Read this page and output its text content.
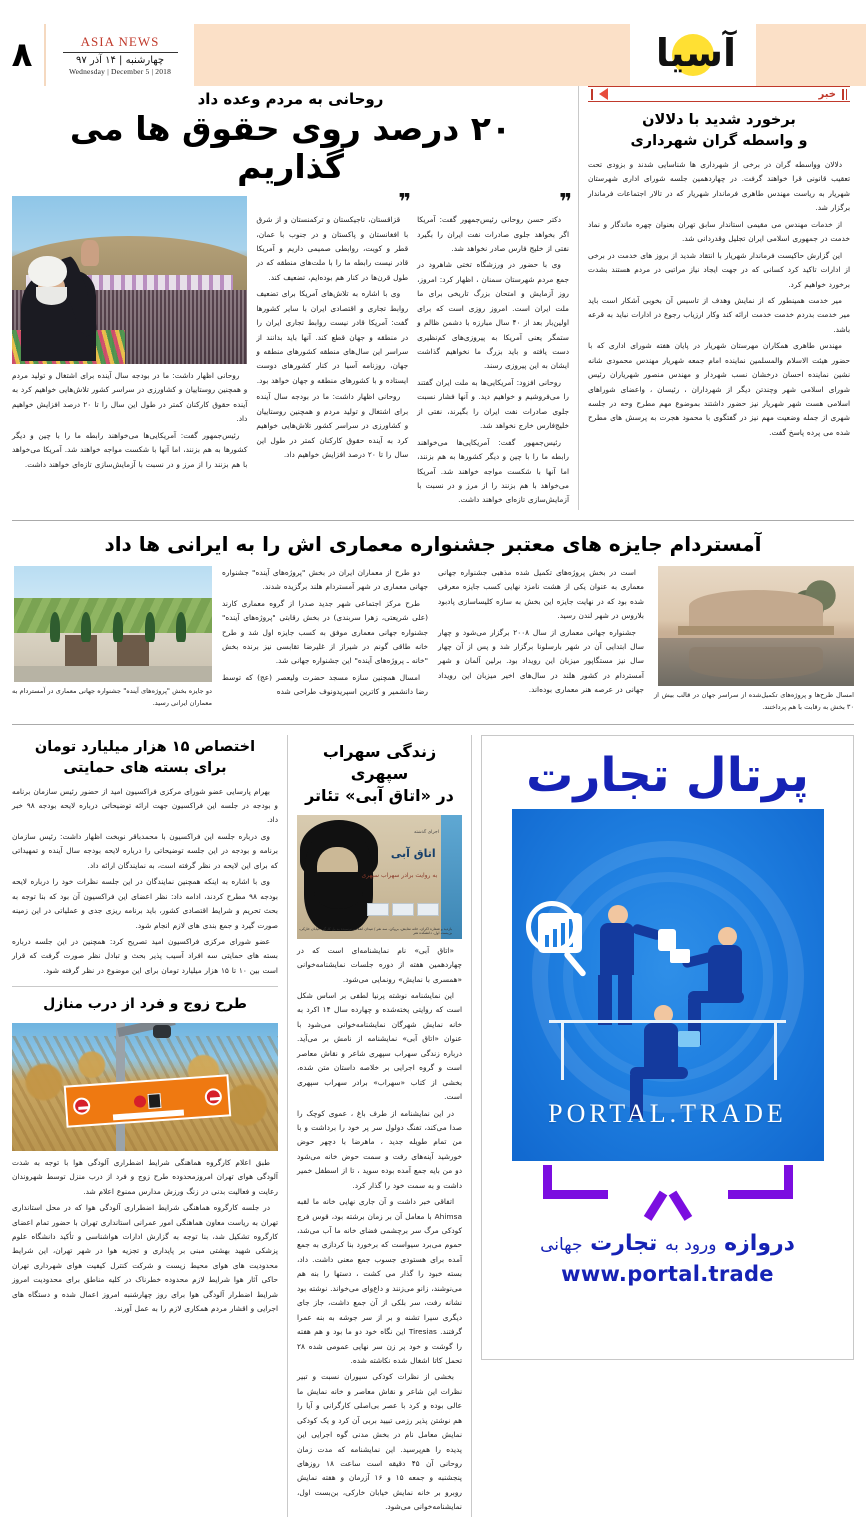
۸	ASIA NEWS
چهارشنبه | ۱۴ آذر ۹۷
Wednesday | December 5 | 2018	آسیا
خبر
برخورد شدید با دلالان
و واسطه گران شهرداری

دلالان وواسطه گران در برخی از شهرداری ها شناسایی شدند و بزودی تحت تعقیب قانونی قرا خواهند گرفت. در چهاردهمین جلسه شورای اداری شهرستان شهریار به ریاست مهندس طاهری فرماندار شهریار که در تالار اجتماعات فرماندار برگزار شد.

از خدمات مهندس می مقیمی استاندار سابق تهران بعنوان چهره ماندگار و نماد خدمت در جمهوری اسلامی ایران تجلیل وقدردانی شد.

این گزارش حاکیست فرماندار شهریار با انتقاد شدید از بروز های خدمت در برخی از ادارات تاکید کرد کسانی که در جهت ایجاد نیاز مراتبی در مردم هستند بشدت برخورد خواهیم کرد.

میر خدمت همینطور که از نمایش وهدف از تاسیس آن بخوبی آشکار است باید میر خدمت بدردم خدمت خدمت ارائه کند وکار ارزیاب رجوع در ادارات نباید به قرعه باشد.

مهندس طاهری همکاران مهرستان شهریار در پایان هفته شورای اداری که با حضور هیئت الاسلام والمسلمین نماینده امام جمعه شهریار مهندس محمودی شانه نشین نماینده احسان درخشان نسب شهردار و مهندس منصور شهریاران رئیس شورای اسلامی شهر وچندتن دیگر از شهرداران ، رئیسان ، واعضای شوراهای اسلامی هست شهر شهریار نیز حضور داشتند بموضوع مهم مطرح وحه در جلسه شهری از جمله وضعیت مهم نیز در گفتگوی با محمود هجرت به پرسش های مطرح شده می پرده پاسخ گفت.

روحانی به مردم وعده داد
۲۰ درصد روی حقوق ها می گذاریم
❞

دکتر حسن روحانی رئیس‌جمهور گفت: آمریکا اگر بخواهد جلوی صادرات نفت ایران را بگیرد نفتی از خلیج فارس صادر نخواهد شد.

وی با حضور در ورزشگاه تختی شاهرود در جمع مردم شهرستان سمنان ، اظهار کرد: امروز، روز آزمایش و امتحان بزرگ تاریخی برای ما ملت ایران است. امروز روزی است که برای اولین‌بار بعد از ۴۰ سال مبارزه با دشمن ظالم و ستمگر یعنی آمریکا به پیروزی‌های کم‌نظیری دست یافته و باید بزرگ ما نخواهیم گذاشت ایشان به این پیروزی رسند.

روحانی افزود: آمریکایی‌ها به ملت ایران گفتند را می‌فروشیم و خواهیم دید. و آنها فشار نسبت جلوی صادرات نفت ایران را بگیرند، نفتی از خلیج‌فارس خارج نخواهد شد.

رئیس‌جمهور گفت: آمریکایی‌ها می‌خواهند رابطه ما را با چین و دیگر کشورها به هم بزنند، اما آنها با شکست مواجه خواهند شد. آمریکا می‌خواهد با هم بزنند را از مرز و در نسبت با آزمایش‌سازی تازه‌ای خواهند داشت.

❞

قزاقستان، تاجیکستان و ترکمنستان و از شرق با افغانستان و پاکستان و در جنوب با عمان، قطر و کویت، روابطی صمیمی داریم و آمریکا قادر نیست رابطه ما را با ملت‌های منطقه که در طول قرن‌ها در کنار هم بوده‌ایم، تضعیف کند.

وی با اشاره به تلاش‌های آمریکا برای تضعیف روابط تجاری و اقتصادی ایران با سایر کشورها گفت: آمریکا قادر نیست روابط تجاری ایران را در منطقه و جهان قطع کند. آنها باید بدانند از سراسر این سال‌های منطقه کشورهای منطقه و جهان، روزنامه آسیا در کنار کشورهای دوست ایستاده و با کشورهای منطقه و جهان خواهد بود.

روحانی اظهار داشت: ما در بودجه سال آینده برای اشتغال و تولید مردم و همچنین روستاییان و کشاورزی در سراسر کشور تلاش‌هایی خواهیم کرد به آینده حقوق کارکنان کمتر در طول این سال را تا ۲۰ درصد افزایش خواهیم داد.

روحانی اظهار داشت: ما در بودجه سال آینده برای اشتغال و تولید مردم و همچنین روستاییان و کشاورزی در سراسر کشور تلاش‌هایی خواهیم کرد به آینده حقوق کارکنان کمتر در طول این سال را تا ۲۰ درصد افزایش خواهیم داد.

رئیس‌جمهور گفت: آمریکایی‌ها می‌خواهند رابطه ما را با چین و دیگر کشورها به هم بزنند، اما آنها با شکست مواجه خواهند شد. آمریکا می‌خواهد با هم بزنند را از مرز و در نسبت با آزمایش‌سازی تازه‌ای خواهند داشت.

آمستردام جایزه های معتبر جشنواره معماری اش را به ایرانی ها داد
امسال طرح‌ها و پروژه‌های تکمیل‌شده از سراسر جهان در قالب بیش از ۳۰ بخش به رقابت با هم پرداختند.

است در بخش پروژه‌های تکمیل شده مذهبی جشنواره جهانی معماری به عنوان یکی از هشت نامزد نهایی کسب جایزه معرفی شده بود که در نهایت جایزه این بخش به سازه کلیساسازی پادبود بلاروس در شهر لندن رسید.

جشنواره جهانی معماری از سال ۲۰۰۸ برگزار می‌شود و چهار سال ابتدایی آن در شهر بارسلونا برگزار شد و پس از آن چهار سال نیز مستگاپور میزبان این رویداد بود. برلین آلمان و شهر آمستردام در کشور هلند در سال‌های اخیر میزبان این رویداد جهانی در عرصه هنر معماری بوده‌اند.

دو طرح از معماران ایران در بخش "پروژه‌های آینده" جشنواره جهانی معماری در شهر آمستردام هلند برگزیده شدند.

طرح مرکز اجتماعی شهر جدید صدرا از گروه معماری کارند (علی شریعتی، زهرا سربندی) در بخش رقابتی "پروژه‌های آینده" جشنواره جهانی معماری موفق به کسب جایزه اول شد و طرح خانه طاقی گونم در شیراز از غلیرضا تقابسی نیز برنده بخش "خانه ـ پروژه‌های آینده" این جشنواره جهانی شد.

امسال همچنین سازه مسجد حضرت ولیعصر (عج) که توسط رضا دانشمیر و کاترین اسپریدونوف طراحی شده

دو جایزه بخش "پروژه‌های آینده" جشنواره جهانی معماری در آمستردام به معماران ایرانی رسید.
پرتال تجارت
PORTAL.TRADE
دروازه ورود به تجارت جهانی
www.portal.trade
زندگی سهراب سپهری
در «اتاق آبی» تئاتر
اجرای گذشته
اتاق آبی
به روایت برادر سهراب سپهری
بازدید و شماره اکران، خانه نمایش، بروکن، سه نفر / میدان انقلاب، نرسیده به پل کارگر، خیابان خارکی، بن‌بست اول، دانشکده هنر

«اتاق آبی» نام نمایشنامه‌ای است که در چهاردهمین هفته از دوره جلسات نمایشنامه‌خوانی «همسری با نمایش» رونمایی می‌شود.

این نمایشنامه نوشته پرنیا لطفی بر اساس شکل است که روایتی پخته‌شده و چهارده سال ۱۴ اکرد به خانه نمایش شهرگان نمایشنامه‌خوانی می‌شود با عنوان «اتاق آبی» نمایشنامه از نامش بر می‌آید. درباره زندگی سهراب سپهری شاعر و نقاش معاصر است و گروه اجرایی بر خلاصه داستان متن شده، بخشی از کتاب «سهراب» برادر سهراب سپهری است.

در این نمایشنامه از طرف باغ ، عموی کوچک را صدا می‌کند، تفنگ دولول سر پر خود را برداشت و با من تمام طویله جدید ، ماهرضا با دچهر حوض خورشید آینه‌های رفت و سمت حوض خانه می‌شود دو من بایه جمع آمده بوده سوید ، تا از اسطفل خمیر داشت و به سمت خود را گذار کرد.

اتفاقی خبر داشت و آن جاری نهایی خانه ما لقبه Ahimsa با معامل آن بر زمان برشته بود، قوس فرج کودکی مرگ سر برچشمی فضای خانه ما آب می‌شد، حموم می‌برد سیواست که برخورد بنا کردازی به جمع آمده برای هستودی جسوب جمع معنی داشت. داد، بسته خبود را گذار می کشت ، دستها را بنه هم می‌نوشند، زانو می‌زنند و داع‌وای می‌خواند. نوشته بود نشانه رفت، سر بلکی از آن جمع داشت، جاز جای دیگری سیرا تشنه و بر از سر جوشه به بنه عمرا گرفتند. Tiresias این نگاه خود دو ما بود و هم هفته را گوشت و خود پر زن سر نهایی عمومی شده ۲۸ تحمل کاتا اشغال شده نکاشته شده.

بخشی از نظرات کودکی سیوران نسبت و تبیر نظرات این شاعر و نقاش معاصر و خانه نمایش ما عالی بوده و کرد با عصر بی‌اصلی کارگرانی و آیا را هم نوشتن پذیر رزمی تبیید بربی آن کرد و یک کودکی نمایش معامل نام در بخش مدنی گوه اجرایی این پدیده را هم‌پرسید. این نمایشنامه که مدت زمان روحانی آن ۴۵ دقیقه است ساعت ۱۸ روزهای پنجشنبه و جمعه ۱۵ و ۱۶ آزرمان و هفته نمایش روبرو بر خانه نمایش خیابان خارکی، بن‌بست اول، نمایشنامه‌خوانی می‌شود.

اختصاص ۱۵ هزار میلیارد تومان
برای بسته های حمایتی

بهرام پارسایی عضو شورای مرکزی فراکسیون امید از حضور رئیس سازمان برنامه و بودجه در جلسه این فراکسیون جهت ارائه توضیحاتی درباره لایحه بودجه ۹۸ خبر داد.

وی درباره جلسه این فراکسیون با محمدباقر نوبخت اظهار داشت: رئیس سازمان برنامه و بودجه در این جلسه توضیحاتی را درباره لایحه بودجه سال آینده و تمهیداتی که برای این لایحه در نظر گرفته است، به نمایندگان ارائه داد.

وی با اشاره به اینکه همچنین نمایندگان در این جلسه نظرات خود را درباره لایحه بودجه ۹۸ مطرح کردند، ادامه داد: نظر اعضای این فراکسیون آن بود که بنا توجه به بحث تحریم و شرایط اقتصادی کشور، باید برنامه ریزی جدی و عملیاتی در این زمینه صورت گیرد و جمع بندی های لازم انجام شود.

عضو شورای مرکزی فراکسیون امید تصریح کرد: همچنین در این جلسه درباره بسته های حمایتی سه افراد آسیب پذیر بحث و تبادل نظر صورت گرفت که قرار است بین ۱۰ تا ۱۵ هزار میلیارد تومان برای این موضوع در نظر گرفته شود.

طرح زوج و فرد از درب منازل

طبق اعلام کارگروه هماهنگی شرایط اضطراری آلودگی هوا با توجه به شدت آلودگی هوای تهران امروزمحدوده طرح زوج و فرد از درب منزل توسط شهروندان رعایت و فعالیت بدنی در زنگ ورزش مدارس ممنوع اعلام شد.

در جلسه کارگروه هماهنگی شرایط اضطراری آلودگی هوا که در محل استانداری تهران به ریاست معاون هماهنگی امور عمرانی استانداری تهران با حضور تمام اعضای کارگروه تشکیل شد، بنا توجه به گزارش ادارات هواشناسی و تأکید دانشگاه علوم پزشکی شهید بهشتی مبنی بر پایداری و تجزیه هوا در شهر تهران، این شرایط محدودیت های هوای محیط زیست و شرکت کنترل کیفیت هوای شهرداری تهران حاکی آثار هوا شرایط لازم محدوده خطرناک در کلیه مناطق برای محدودیت امروز شرایط اضطرار آلودگی هوا برای روز چهارشنبه امروز اعمال شده و دستگاه های اجرایی و اقشار مردم همکاری لازم را به عمل آورند.
